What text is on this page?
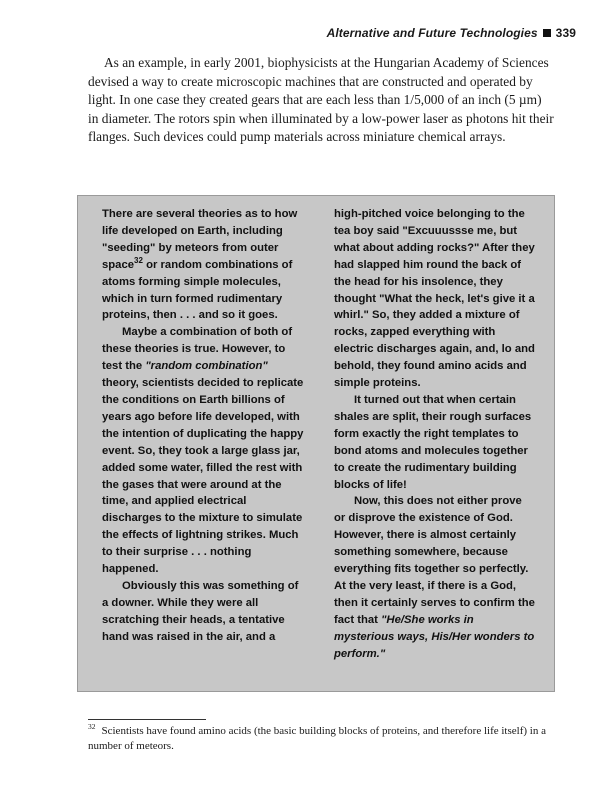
Alternative and Future Technologies 339

As an example, in early 2001, biophysicists at the Hungarian Academy of Sciences devised a way to create microscopic machines that are constructed and operated by light. In one case they created gears that are each less than 1/5,000 of an inch (5 µm) in diameter. The rotors spin when illuminated by a low-power laser as photons hit their flanges. Such devices could pump materials across miniature chemical arrays.

There are several theories as to how life developed on Earth, including "seeding" by meteors from outer space$^{32}$ or random combinations of atoms forming simple molecules, which in turn formed rudimentary proteins, then . . . and so it goes.

Maybe a combination of both of these theories is true. However, to test the "random combination" theory, scientists decided to replicate the conditions on Earth billions of years ago before life developed, with the intention of duplicating the happy event. So, they took a large glass jar, added some water, filled the rest with the gases that were around at the time, and applied electrical discharges to the mixture to simulate the effects of lightning strikes. Much to their surprise . . . nothing happened.

Obviously this was something of a downer. While they were all scratching their heads, a tentative hand was raised in the air, and a

high-pitched voice belonging to the tea boy said "Excuuussse me, but what about adding rocks?" After they had slapped him round the back of the head for his insolence, they thought "What the heck, let's give it a whirl." So, they added a mixture of rocks, zapped everything with electric discharges again, and, lo and behold, they found amino acids and simple proteins.

It turned out that when certain shales are split, their rough surfaces form exactly the right templates to bond atoms and molecules together to create the rudimentary building blocks of life!

Now, this does not either prove or disprove the existence of God. However, there is almost certainly something somewhere, because everything fits together so perfectly. At the very least, if there is a God, then it certainly serves to confirm the fact that "He/She works in mysterious ways, His/Her wonders to perform."

$^{32}$ Scientists have found amino acids (the basic building blocks of proteins, and therefore life itself) in a number of meteors.
